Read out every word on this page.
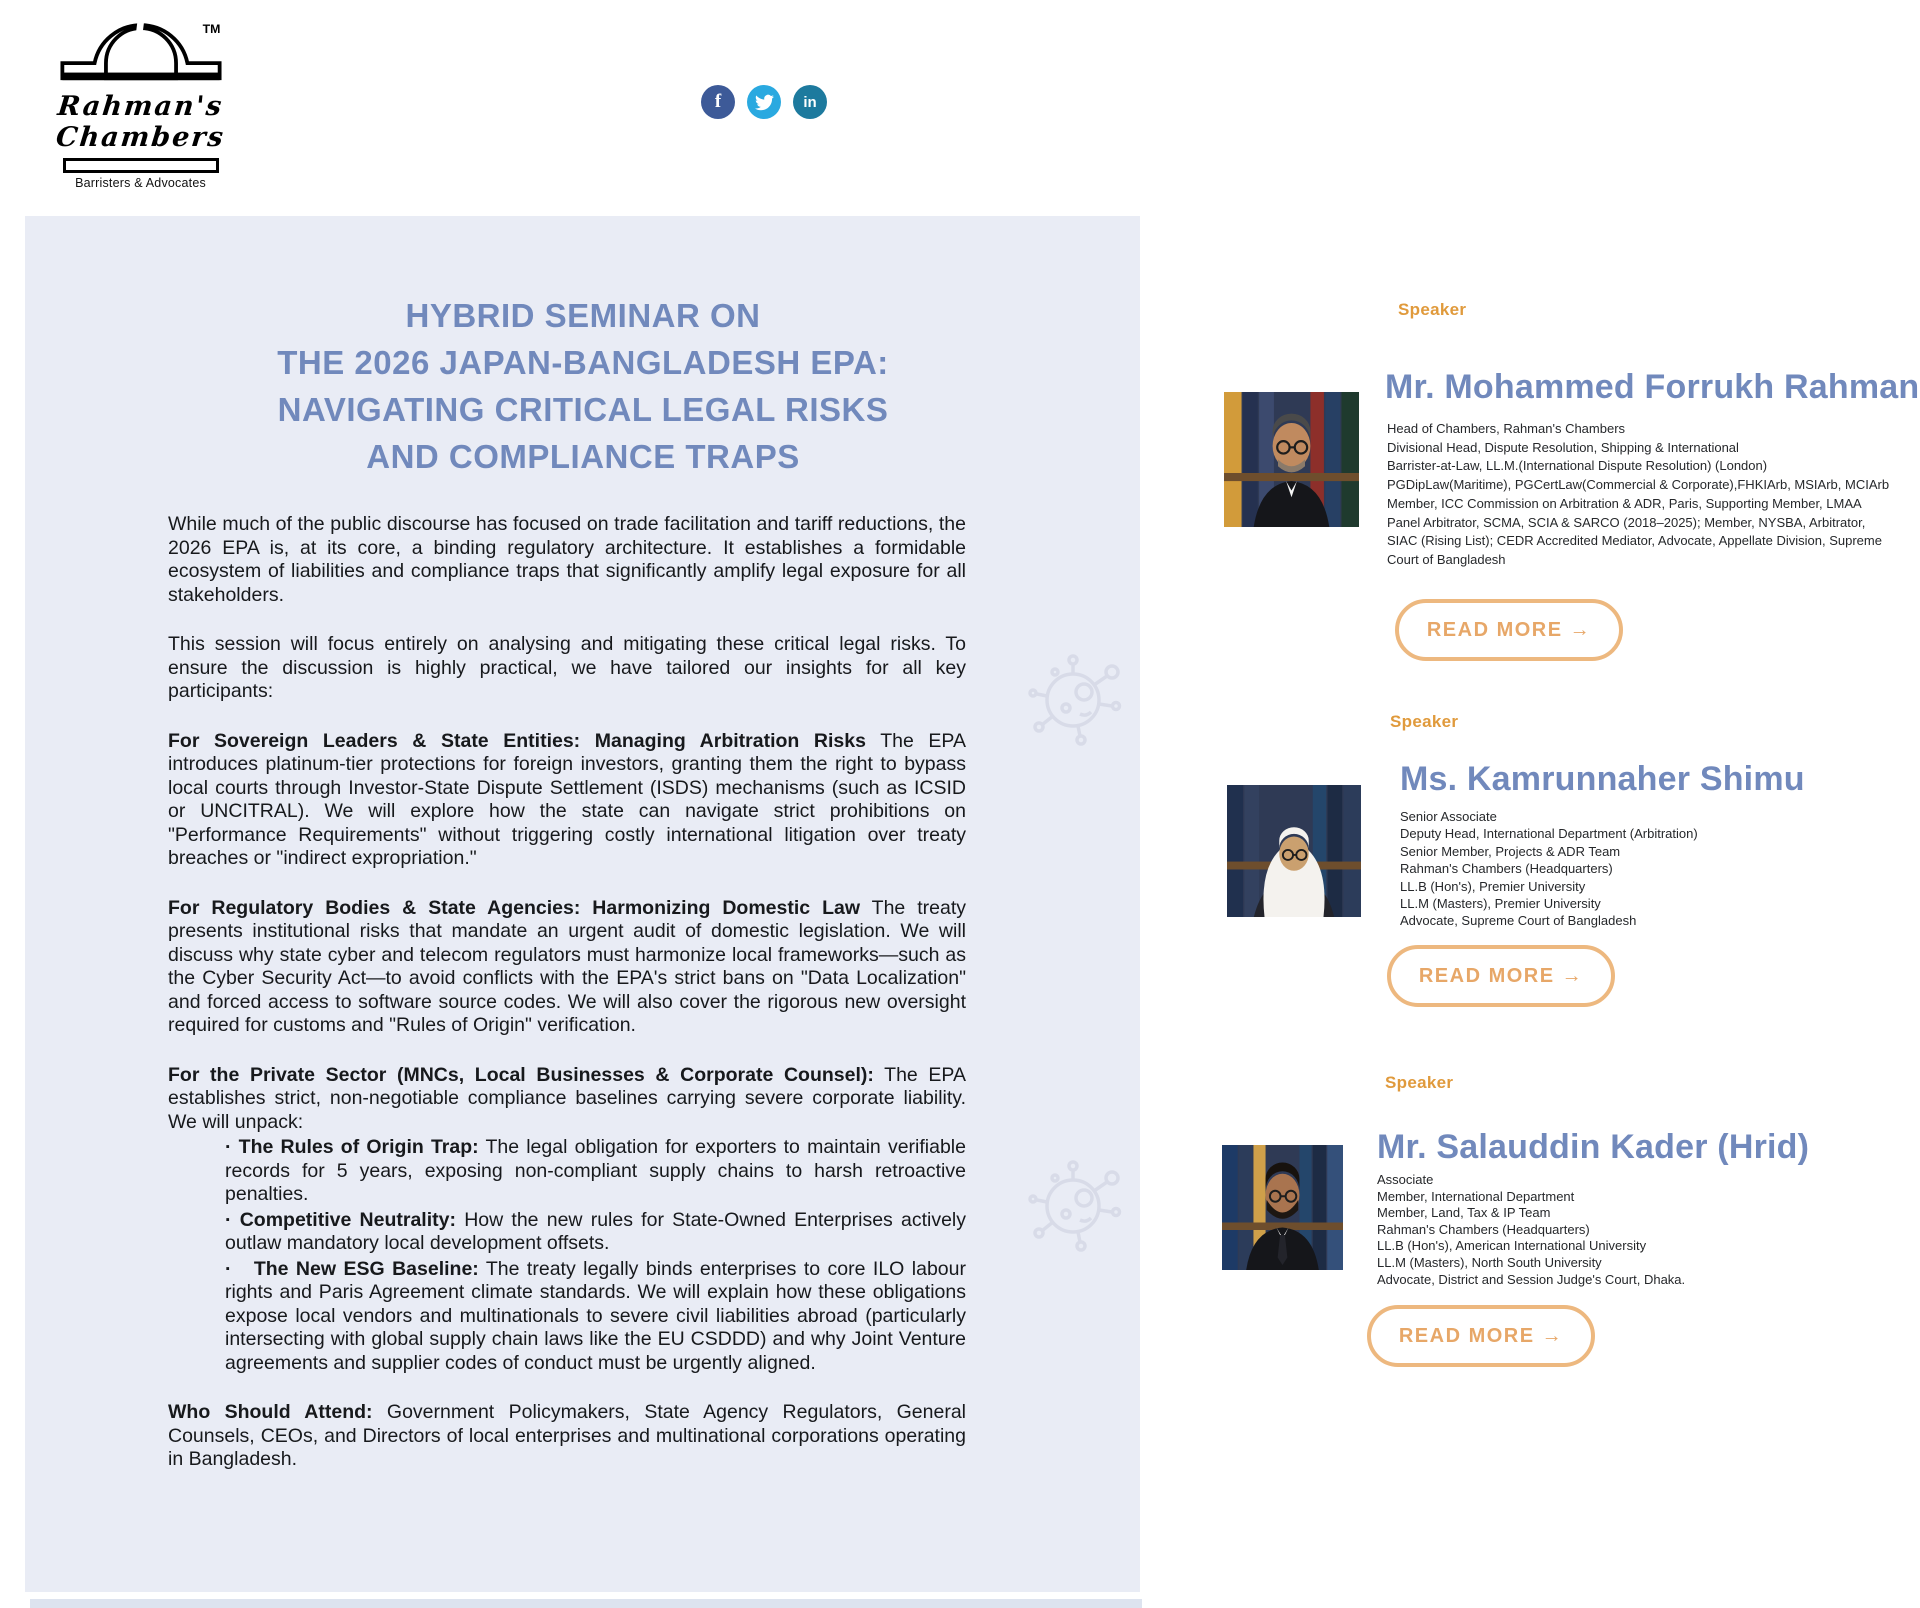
TM
Rahman's
Chambers
Barristers & Advocates
f	in
HYBRID SEMINAR ON
THE 2026 JAPAN-BANGLADESH EPA:
NAVIGATING CRITICAL LEGAL RISKS
AND COMPLIANCE TRAPS

While much of the public discourse has focused on trade facilitation and tariff reductions, the 2026 EPA is, at its core, a binding regulatory architecture. It establishes a formidable ecosystem of liabilities and compliance traps that significantly amplify legal exposure for all stakeholders.

This session will focus entirely on analysing and mitigating these critical legal risks. To ensure the discussion is highly practical, we have tailored our insights for all key participants:

For Sovereign Leaders & State Entities: Managing Arbitration Risks The EPA introduces platinum-tier protections for foreign investors, granting them the right to bypass local courts through Investor-State Dispute Settlement (ISDS) mechanisms (such as ICSID or UNCITRAL). We will explore how the state can navigate strict prohibitions on "Performance Requirements" without triggering costly international litigation over treaty breaches or "indirect expropriation."

For Regulatory Bodies & State Agencies: Harmonizing Domestic Law The treaty presents institutional risks that mandate an urgent audit of domestic legislation. We will discuss why state cyber and telecom regulators must harmonize local frameworks—such as the Cyber Security Act—to avoid conflicts with the EPA's strict bans on "Data Localization" and forced access to software source codes. We will also cover the rigorous new oversight required for customs and "Rules of Origin" verification.

For the Private Sector (MNCs, Local Businesses & Corporate Counsel): The EPA establishes strict, non-negotiable compliance baselines carrying severe corporate liability. We will unpack:

· The Rules of Origin Trap: The legal obligation for exporters to maintain verifiable records for 5 years, exposing non-compliant supply chains to harsh retroactive penalties.

· Competitive Neutrality: How the new rules for State-Owned Enterprises actively outlaw mandatory local development offsets.

· The New ESG Baseline: The treaty legally binds enterprises to core ILO labour rights and Paris Agreement climate standards. We will explain how these obligations expose local vendors and multinationals to severe civil liabilities abroad (particularly intersecting with global supply chain laws like the EU CSDDD) and why Joint Venture agreements and supplier codes of conduct must be urgently aligned.

Who Should Attend: Government Policymakers, State Agency Regulators, General Counsels, CEOs, and Directors of local enterprises and multinational corporations operating in Bangladesh.

Speaker
Mr. Mohammed Forrukh Rahman
Head of Chambers, Rahman's Chambers
Divisional Head, Dispute Resolution, Shipping & International
Barrister-at-Law, LL.M.(International Dispute Resolution) (London)
PGDipLaw(Maritime), PGCertLaw(Commercial & Corporate),FHKIArb, MSIArb, MCIArb
Member, ICC Commission on Arbitration & ADR, Paris, Supporting Member, LMAA
Panel Arbitrator, SCMA, SCIA & SARCO (2018–2025); Member, NYSBA, Arbitrator,
SIAC (Rising List); CEDR Accredited Mediator, Advocate, Appellate Division, Supreme
Court of Bangladesh
READ MORE →
Speaker
Ms. Kamrunnaher Shimu
Senior Associate
Deputy Head, International Department (Arbitration)
Senior Member, Projects & ADR Team
Rahman's Chambers (Headquarters)
LL.B (Hon's), Premier University
LL.M (Masters), Premier University
Advocate, Supreme Court of Bangladesh
READ MORE →
Speaker
Mr. Salauddin Kader (Hrid)
Associate
Member, International Department
Member, Land, Tax & IP Team
Rahman's Chambers (Headquarters)
LL.B (Hon's), American International University
LL.M (Masters), North South University
Advocate, District and Session Judge's Court, Dhaka.
READ MORE →
